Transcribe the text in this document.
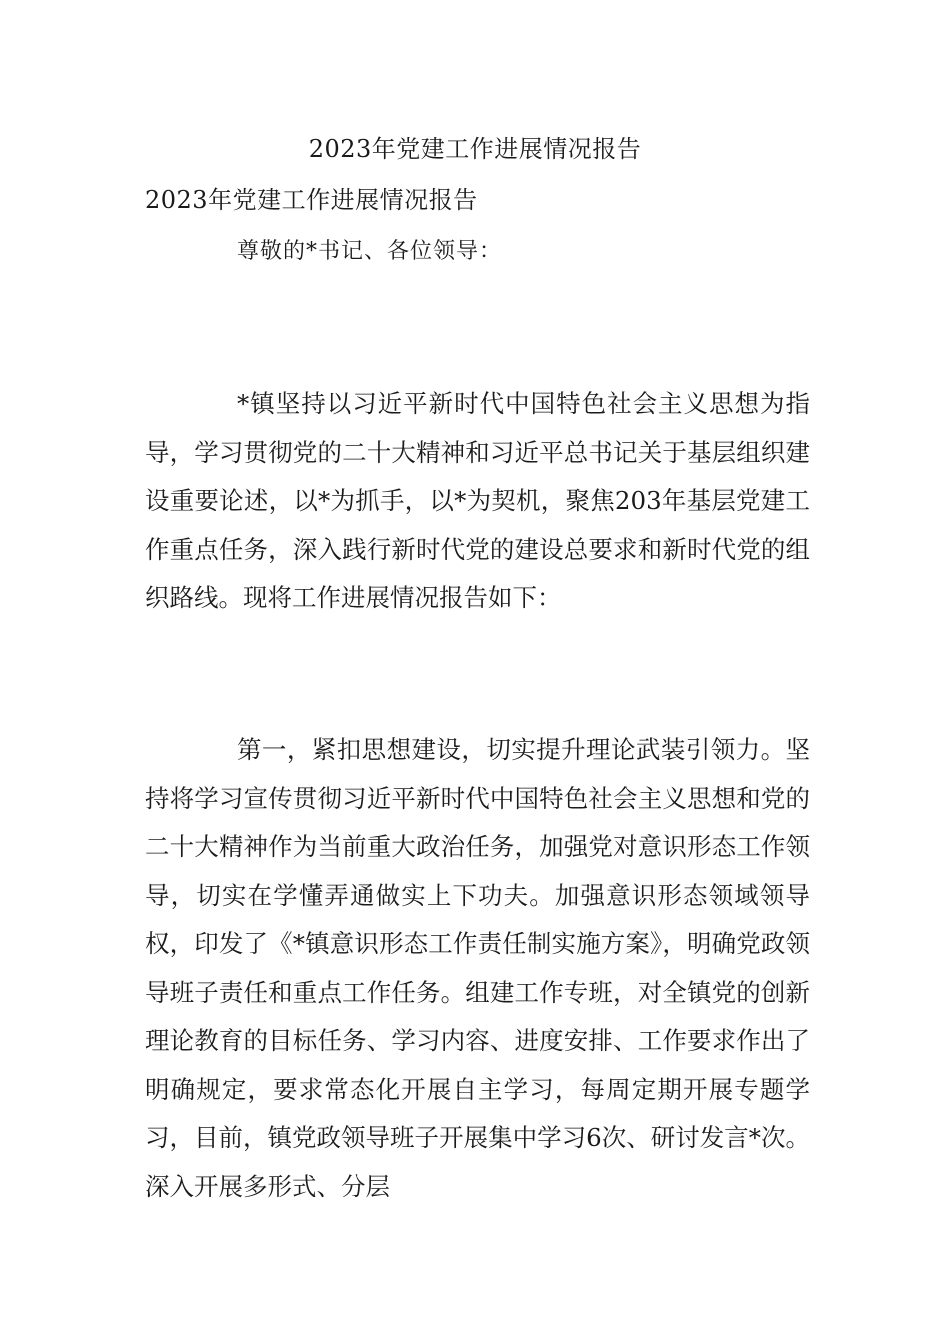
2023年党建工作进展情况报告
2023年党建工作进展情况报告
尊敬的*书记、各位领导：

*镇坚持以习近平新时代中国特色社会主义思想为指导，学习贯彻党的二十大精神和习近平总书记关于基层组织建设重要论述，以*为抓手，以*为契机，聚焦203年基层党建工作重点任务，深入践行新时代党的建设总要求和新时代党的组织路线。现将工作进展情况报告如下：

第一，紧扣思想建设，切实提升理论武装引领力。坚持将学习宣传贯彻习近平新时代中国特色社会主义思想和党的二十大精神作为当前重大政治任务，加强党对意识形态工作领导，切实在学懂弄通做实上下功夫。加强意识形态领域领导权，印发了《*镇意识形态工作责任制实施方案》，明确党政领导班子责任和重点工作任务。组建工作专班，对全镇党的创新理论教育的目标任务、学习内容、进度安排、工作要求作出了明确规定，要求常态化开展自主学习，每周定期开展专题学习，目前，镇党政领导班子开展集中学习6次、研讨发言*次。深入开展多形式、分层
